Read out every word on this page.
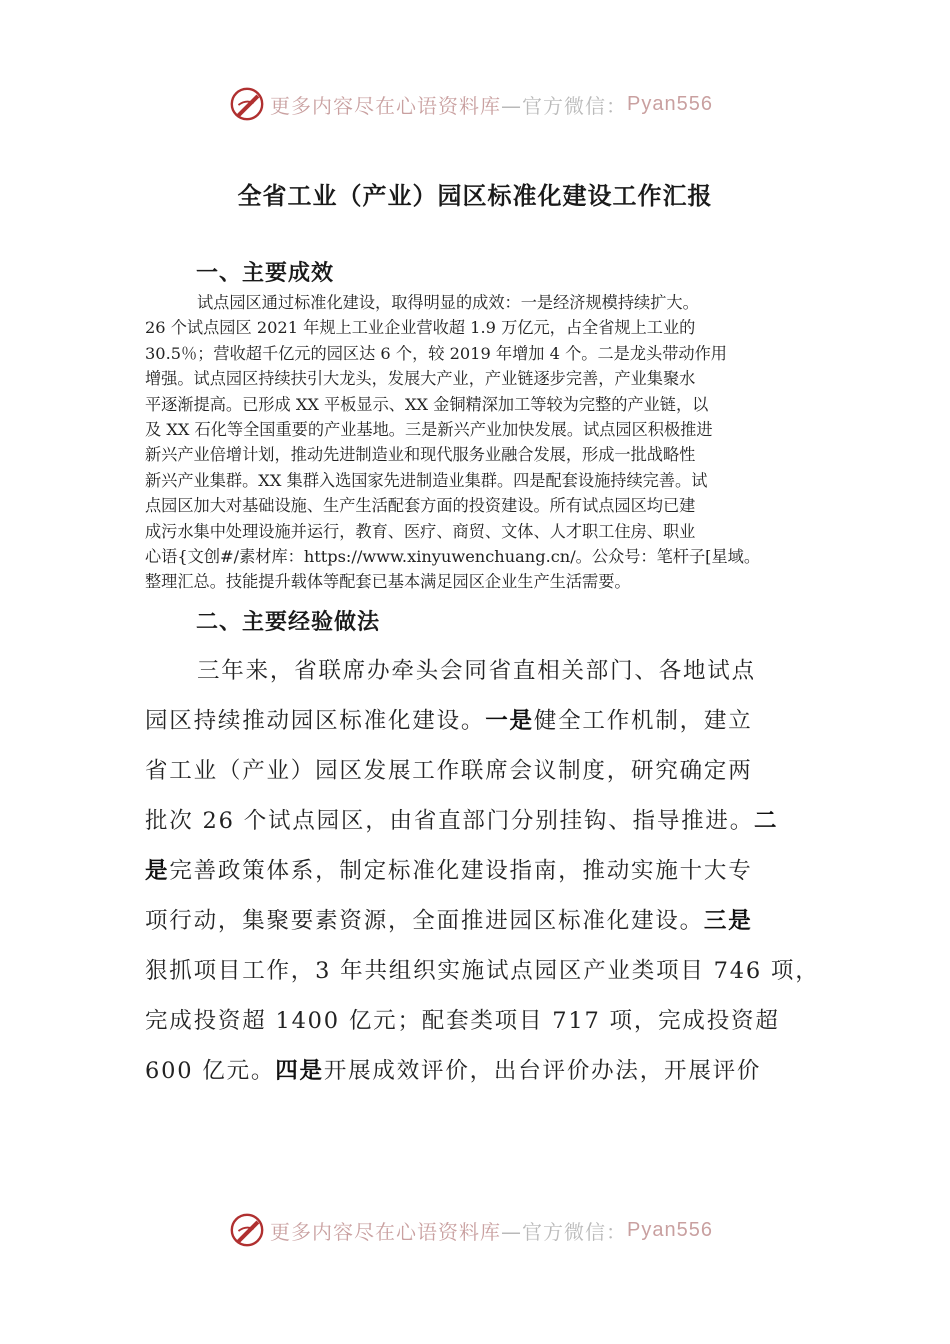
更多内容尽在心语资料库 —官方微信： Pyan556
全省工业（产业）园区标准化建设工作汇报
一、主要成效
试点园区通过标准化建设，取得明显的成效：一是经济规模持续扩大。
26 个试点园区 2021 年规上工业企业营收超 1.9 万亿元，占全省规上工业的
30.5％；营收超千亿元的园区达 6 个，较 2019 年增加 4 个。二是龙头带动作用
增强。试点园区持续扶引大龙头，发展大产业，产业链逐步完善，产业集聚水
平逐渐提高。已形成 XX 平板显示、XX 金铜精深加工等较为完整的产业链，以
及 XX 石化等全国重要的产业基地。三是新兴产业加快发展。试点园区积极推进
新兴产业倍增计划，推动先进制造业和现代服务业融合发展，形成一批战略性
新兴产业集群。XX 集群入选国家先进制造业集群。四是配套设施持续完善。试
点园区加大对基础设施、生产生活配套方面的投资建设。所有试点园区均已建
成污水集中处理设施并运行，教育、医疗、商贸、文体、人才职工住房、职业
心语{文创#/素材库：https://www.xinyuwenchuang.cn/。公众号：笔杆子[星域。
整理汇总。技能提升载体等配套已基本满足园区企业生产生活需要。
二、主要经验做法
三年来，省联席办牵头会同省直相关部门、各地试点
园区持续推动园区标准化建设。一是健全工作机制，建立
省工业（产业）园区发展工作联席会议制度，研究确定两
批次 26 个试点园区，由省直部门分别挂钩、指导推进。二
是完善政策体系，制定标准化建设指南，推动实施十大专
项行动，集聚要素资源，全面推进园区标准化建设。三是
狠抓项目工作，3 年共组织实施试点园区产业类项目 746 项，
完成投资超 1400 亿元；配套类项目 717 项，完成投资超
600 亿元。四是开展成效评价，出台评价办法，开展评价
更多内容尽在心语资料库 —官方微信： Pyan556
